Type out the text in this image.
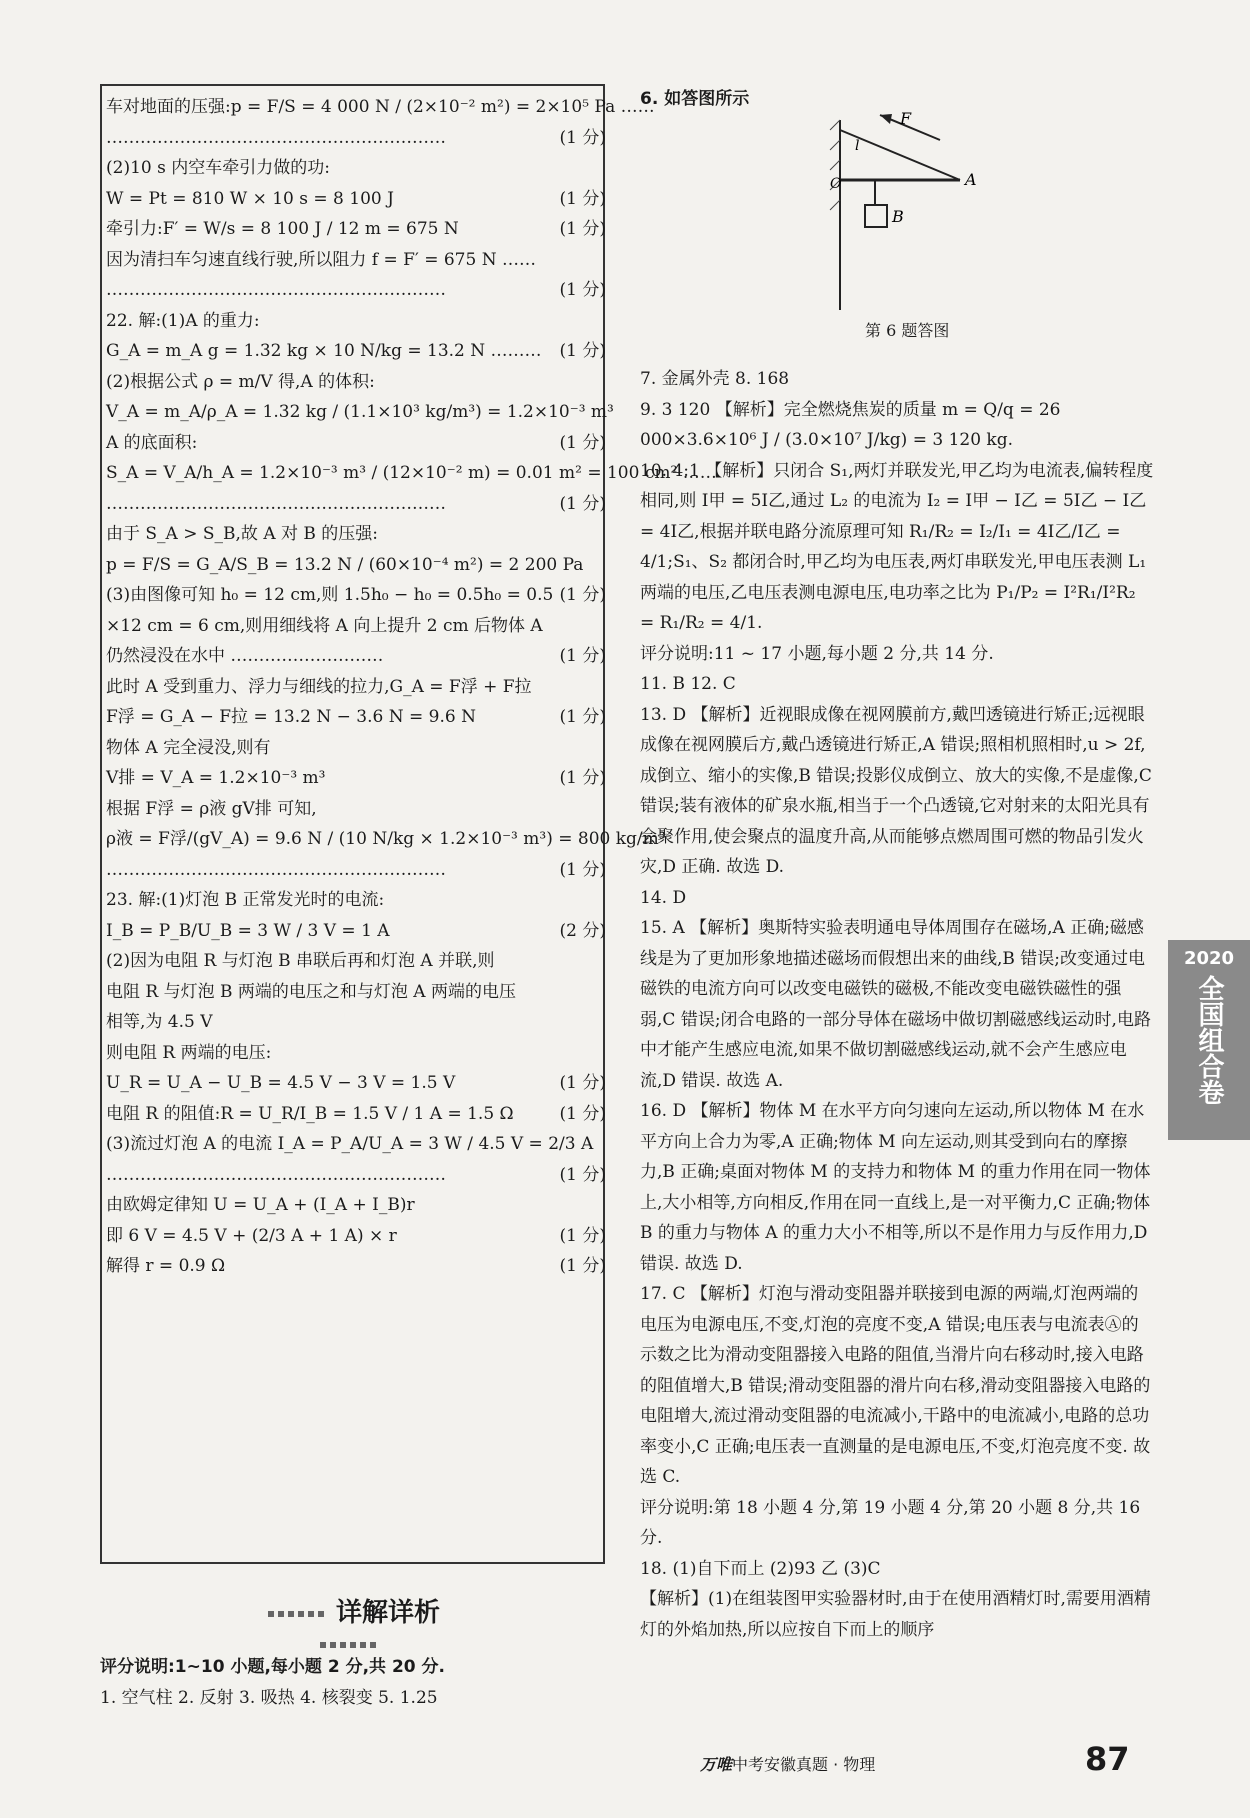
车对地面的压强:p = F/S = 4 000 N / (2×10⁻² m²) = 2×10⁵ Pa ……
……………………………………………………	(1 分)
(2)10 s 内空车牵引力做的功:
W = Pt = 810 W × 10 s = 8 100 J	(1 分)
牵引力:F′ = W/s = 8 100 J / 12 m = 675 N	(1 分)
因为清扫车匀速直线行驶,所以阻力 f = F′ = 675 N ……
……………………………………………………	(1 分)
22. 解:(1)A 的重力:
G_A = m_A g = 1.32 kg × 10 N/kg = 13.2 N ……… (1 分)
(2)根据公式 ρ = m/V 得,A 的体积:
V_A = m_A/ρ_A = 1.32 kg / (1.1×10³ kg/m³) = 1.2×10⁻³ m³
(1 分)
A 的底面积:
S_A = V_A/h_A = 1.2×10⁻³ m³ / (12×10⁻² m) = 0.01 m² = 100 cm² ……
……………………………………………………	(1 分)
由于 S_A > S_B,故 A 对 B 的压强:
p = F/S = G_A/S_B = 13.2 N / (60×10⁻⁴ m²) = 2 200 Pa
(1 分)
(3)由图像可知 h₀ = 12 cm,则 1.5h₀ − h₀ = 0.5h₀ = 0.5
×12 cm = 6 cm,则用细线将 A 向上提升 2 cm 后物体 A
仍然浸没在水中 ………………………	(1 分)
此时 A 受到重力、浮力与细线的拉力,G_A = F浮 + F拉
F浮 = G_A − F拉 = 13.2 N − 3.6 N = 9.6 N	(1 分)
物体 A 完全浸没,则有
V排 = V_A = 1.2×10⁻³ m³	(1 分)
根据 F浮 = ρ液 gV排 可知,
ρ液 = F浮/(gV_A) = 9.6 N / (10 N/kg × 1.2×10⁻³ m³) = 800 kg/m³
……………………………………………………	(1 分)
23. 解:(1)灯泡 B 正常发光时的电流:
I_B = P_B/U_B = 3 W / 3 V = 1 A	(2 分)
(2)因为电阻 R 与灯泡 B 串联后再和灯泡 A 并联,则
电阻 R 与灯泡 B 两端的电压之和与灯泡 A 两端的电压
相等,为 4.5 V
则电阻 R 两端的电压:
U_R = U_A − U_B = 4.5 V − 3 V = 1.5 V	(1 分)
电阻 R 的阻值:R = U_R/I_B = 1.5 V / 1 A = 1.5 Ω	(1 分)
(3)流过灯泡 A 的电流 I_A = P_A/U_A = 3 W / 4.5 V = 2/3 A
……………………………………………………	(1 分)
由欧姆定律知 U = U_A + (I_A + I_B)r
即 6 V = 4.5 V + (2/3 A + 1 A) × r	(1 分)
解得 r = 0.9 Ω	(1 分)
详解详析
评分说明:1~10 小题,每小题 2 分,共 20 分.
1. 空气柱 2. 反射 3. 吸热 4. 核裂变 5. 1.25
6. 如答图所示
F
l
O	A
B
第 6 题答图
7. 金属外壳 8. 168
9. 3 120 【解析】完全燃烧焦炭的质量 m = Q/q = 26 000×3.6×10⁶ J / (3.0×10⁷ J/kg) = 3 120 kg.
10. 4:1 【解析】只闭合 S₁,两灯并联发光,甲乙均为电流表,偏转程度相同,则 I甲 = 5I乙,通过 L₂ 的电流为 I₂ = I甲 − I乙 = 5I乙 − I乙 = 4I乙,根据并联电路分流原理可知 R₁/R₂ = I₂/I₁ = 4I乙/I乙 = 4/1;S₁、S₂ 都闭合时,甲乙均为电压表,两灯串联发光,甲电压表测 L₁ 两端的电压,乙电压表测电源电压,电功率之比为 P₁/P₂ = I²R₁/I²R₂ = R₁/R₂ = 4/1.
评分说明:11 ~ 17 小题,每小题 2 分,共 14 分.
11. B 12. C
13. D 【解析】近视眼成像在视网膜前方,戴凹透镜进行矫正;远视眼成像在视网膜后方,戴凸透镜进行矫正,A 错误;照相机照相时,u > 2f,成倒立、缩小的实像,B 错误;投影仪成倒立、放大的实像,不是虚像,C 错误;装有液体的矿泉水瓶,相当于一个凸透镜,它对射来的太阳光具有会聚作用,使会聚点的温度升高,从而能够点燃周围可燃的物品引发火灾,D 正确. 故选 D.
14. D
15. A 【解析】奥斯特实验表明通电导体周围存在磁场,A 正确;磁感线是为了更加形象地描述磁场而假想出来的曲线,B 错误;改变通过电磁铁的电流方向可以改变电磁铁的磁极,不能改变电磁铁磁性的强弱,C 错误;闭合电路的一部分导体在磁场中做切割磁感线运动时,电路中才能产生感应电流,如果不做切割磁感线运动,就不会产生感应电流,D 错误. 故选 A.
16. D 【解析】物体 M 在水平方向匀速向左运动,所以物体 M 在水平方向上合力为零,A 正确;物体 M 向左运动,则其受到向右的摩擦力,B 正确;桌面对物体 M 的支持力和物体 M 的重力作用在同一物体上,大小相等,方向相反,作用在同一直线上,是一对平衡力,C 正确;物体 B 的重力与物体 A 的重力大小不相等,所以不是作用力与反作用力,D 错误. 故选 D.
17. C 【解析】灯泡与滑动变阻器并联接到电源的两端,灯泡两端的电压为电源电压,不变,灯泡的亮度不变,A 错误;电压表与电流表Ⓐ的示数之比为滑动变阻器接入电路的阻值,当滑片向右移动时,接入电路的阻值增大,B 错误;滑动变阻器的滑片向右移,滑动变阻器接入电路的电阻增大,流过滑动变阻器的电流减小,干路中的电流减小,电路的总功率变小,C 正确;电压表一直测量的是电源电压,不变,灯泡亮度不变. 故选 C.
评分说明:第 18 小题 4 分,第 19 小题 4 分,第 20 小题 8 分,共 16 分.
18. (1)自下而上 (2)93 乙 (3)C
【解析】(1)在组装图甲实验器材时,由于在使用酒精灯时,需要用酒精灯的外焰加热,所以应按自下而上的顺序
2020
全国组合卷
万唯中考安徽真题 · 物理	87
